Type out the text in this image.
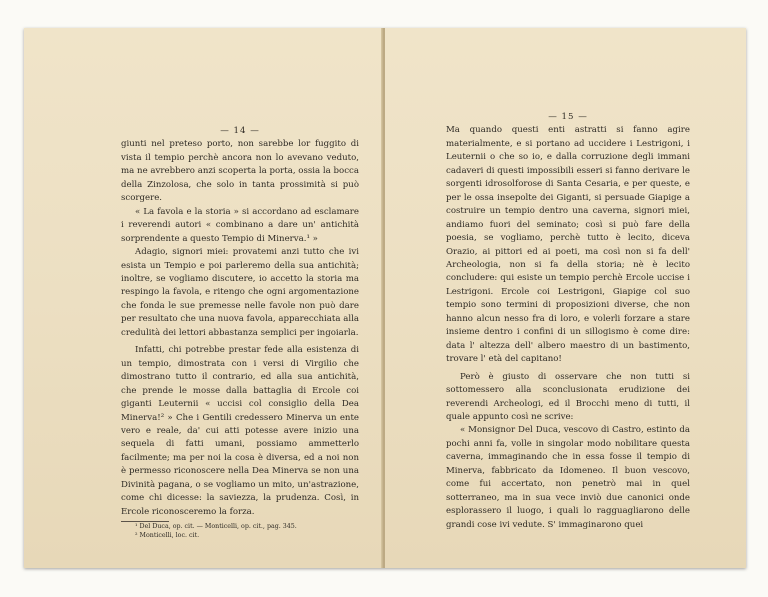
— 14 —

giunti nel preteso porto, non sarebbe lor fuggito di vista il tempio perchè ancora non lo avevano veduto, ma ne avrebbero anzi scoperta la porta, ossia la bocca della Zinzolosa, che solo in tanta prossimità si può scorgere.

« La favola e la storia » si accordano ad esclamare i reverendi autori « combinano a dare un' antichità sorprendente a questo Tempio di Minerva.¹ »

Adagio, signori miei: provatemi anzi tutto che ivi esista un Tempio e poi parleremo della sua antichità; inoltre, se vogliamo discutere, io accetto la storia ma respingo la favola, e ritengo che ogni argomentazione che fonda le sue premesse nelle favole non può dare per resultato che una nuova favola, apparecchiata alla credulità dei lettori abbastanza semplici per ingoiarla.

Infatti, chi potrebbe prestar fede alla esistenza di un tempio, dimostrata con i versi di Virgilio che dimostrano tutto il contrario, ed alla sua antichità, che prende le mosse dalla battaglia di Ercole coi giganti Leuternii « uccisi col consiglio della Dea Minerva!² » Che i Gentili credessero Minerva un ente vero e reale, da' cui atti potesse avere inizio una sequela di fatti umani, possiamo ammetterlo facilmente; ma per noi la cosa è diversa, ed a noi non è permesso riconoscere nella Dea Minerva se non una Divinità pagana, o se vogliamo un mito, un'astrazione, come chi dicesse: la saviezza, la prudenza. Così, in Ercole riconosceremo la forza.

¹ Del Duca, op. cit. — Monticelli, op. cit., pag. 345.

² Monticelli, loc. cit.

— 15 —

Ma quando questi enti astratti si fanno agire materialmente, e si portano ad uccidere i Lestrigoni, i Leuternii o che so io, e dalla corruzione degli immani cadaveri di questi impossibili esseri si fanno derivare le sorgenti idrosolforose di Santa Cesaria, e per queste, e per le ossa insepolte dei Giganti, si persuade Giapige a costruire un tempio dentro una caverna, signori miei, andiamo fuori del seminato; così si può fare della poesia, se vogliamo, perchè tutto è lecito, diceva Orazio, ai pittori ed ai poeti, ma così non si fa dell' Archeologia, non si fa della storia; nè è lecito concludere: qui esiste un tempio perchè Ercole uccise i Lestrigoni. Ercole coi Lestrigoni, Giapige col suo tempio sono termini di proposizioni diverse, che non hanno alcun nesso fra di loro, e volerli forzare a stare insieme dentro i confini di un sillogismo è come dire: data l' altezza dell' albero maestro di un bastimento, trovare l' età del capitano!

Però è giusto di osservare che non tutti si sottomessero alla sconclusionata erudizione dei reverendi Archeologi, ed il Brocchi meno di tutti, il quale appunto così ne scrive:

« Monsignor Del Duca, vescovo di Castro, estinto da pochi anni fa, volle in singolar modo nobilitare questa caverna, immaginando che in essa fosse il tempio di Minerva, fabbricato da Idomeneo. Il buon vescovo, come fui accertato, non penetrò mai in quel sotterraneo, ma in sua vece inviò due canonici onde esplorassero il luogo, i quali lo ragguagliarono delle grandi cose ivi vedute. S' immaginarono quei
